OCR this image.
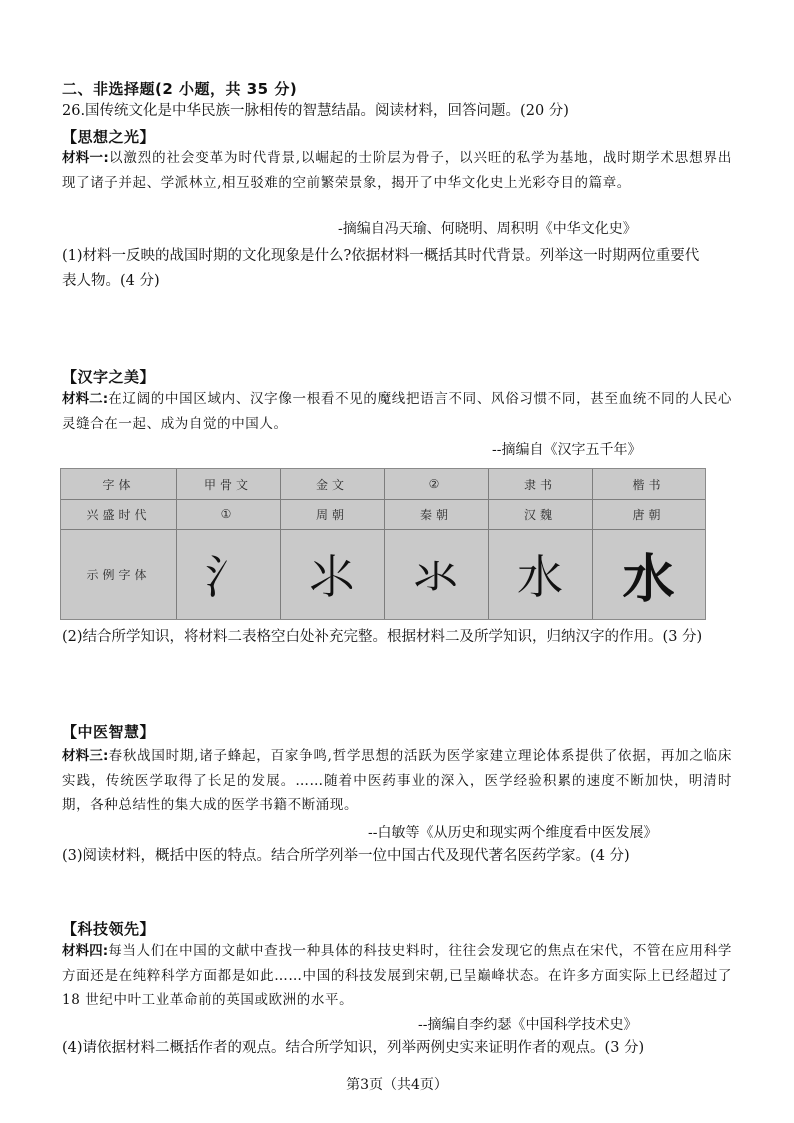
二、非选择题(2 小题，共 35 分)
26.国传统文化是中华民族一脉相传的智慧结晶。阅读材料，回答问题。(20 分)
【思想之光】
材料一:以激烈的社会变革为时代背景,以崛起的士阶层为骨子，以兴旺的私学为基地，战时期学术思想界出现了诸子并起、学派林立,相互驳难的空前繁荣景象，揭开了中华文化史上光彩夺目的篇章。
-摘编自冯天瑜、何晓明、周积明《中华文化史》
(1)材料一反映的战国时期的文化现象是什么?依据材料一概括其时代背景。列举这一时期两位重要代表人物。(4 分)
【汉字之美】
材料二:在辽阔的中国区域内、汉字像一根看不见的魔线把语言不同、风俗习惯不同，甚至血统不同的人民心灵缝合在一起、成为自觉的中国人。
--摘编自《汉字五千年》
字体	甲骨文	金文	②	隶书	楷书
兴盛时代	①	周朝	秦朝	汉魏	唐朝
示例字体	氵	⺢	氺	水	水
(2)结合所学知识，将材料二表格空白处补充完整。根据材料二及所学知识，归纳汉字的作用。(3 分)
【中医智慧】
材料三:春秋战国时期,诸子蜂起，百家争鸣,哲学思想的活跃为医学家建立理论体系提供了依据，再加之临床实践，传统医学取得了长足的发展。……随着中医药事业的深入，医学经验积累的速度不断加快，明清时期，各种总结性的集大成的医学书籍不断涌现。
--白敏等《从历史和现实两个维度看中医发展》
(3)阅读材料，概括中医的特点。结合所学列举一位中国古代及现代著名医药学家。(4 分)
【科技领先】
材料四:每当人们在中国的文献中查找一种具体的科技史料时，往往会发现它的焦点在宋代，不管在应用科学方面还是在纯粹科学方面都是如此……中国的科技发展到宋朝,已呈巅峰状态。在许多方面实际上已经超过了 18 世纪中叶工业革命前的英国或欧洲的水平。
--摘编自李约瑟《中国科学技术史》
(4)请依据材料二概括作者的观点。结合所学知识，列举两例史实来证明作者的观点。(3 分)
第3页（共4页）
